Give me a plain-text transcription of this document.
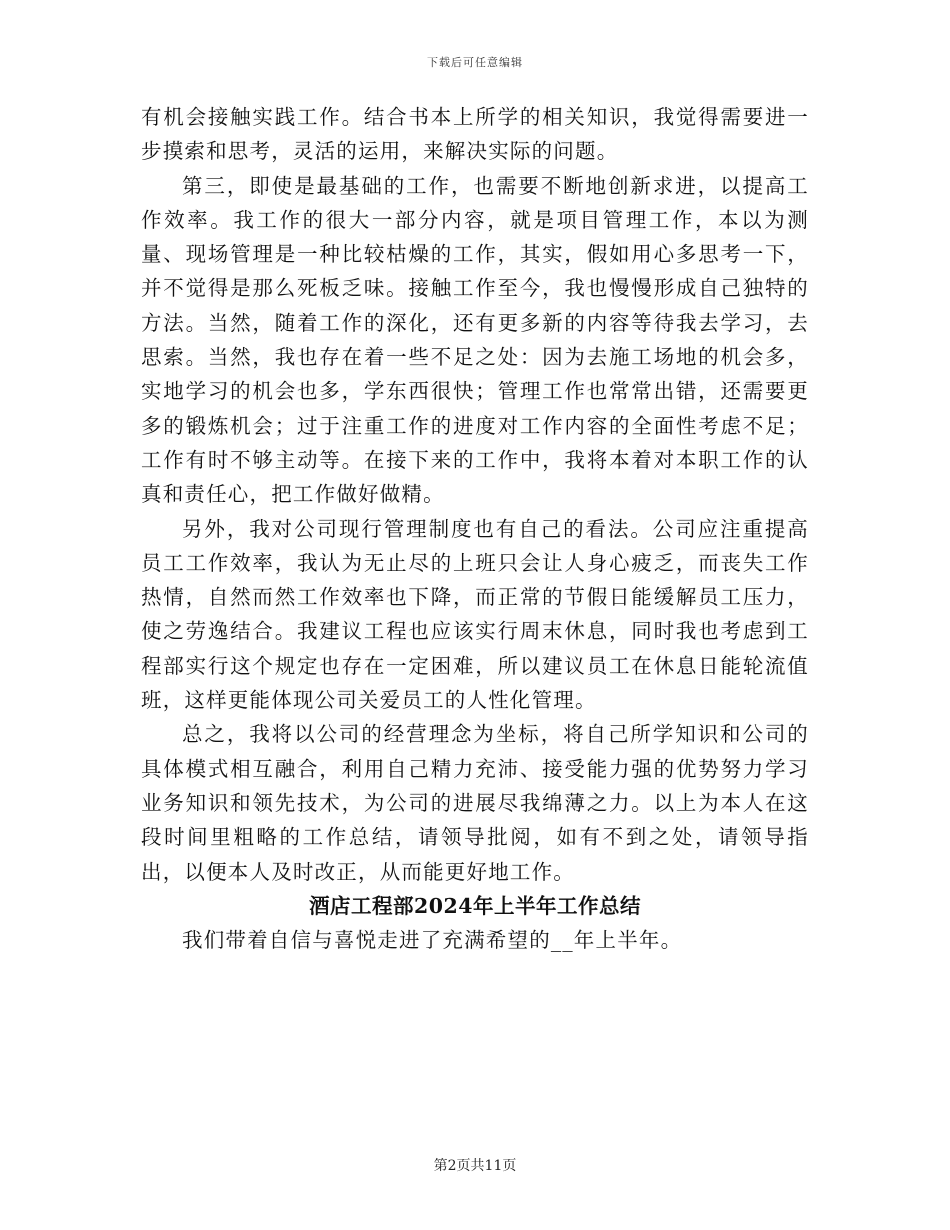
下载后可任意编辑

有机会接触实践工作。结合书本上所学的相关知识，我觉得需要进一步摸索和思考，灵活的运用，来解决实际的问题。

第三，即使是最基础的工作，也需要不断地创新求进，以提高工作效率。我工作的很大一部分内容，就是项目管理工作，本以为测量、现场管理是一种比较枯燥的工作，其实，假如用心多思考一下，并不觉得是那么死板乏味。接触工作至今，我也慢慢形成自己独特的方法。当然，随着工作的深化，还有更多新的内容等待我去学习，去思索。当然，我也存在着一些不足之处：因为去施工场地的机会多，实地学习的机会也多，学东西很快；管理工作也常常出错，还需要更多的锻炼机会；过于注重工作的进度对工作内容的全面性考虑不足；工作有时不够主动等。在接下来的工作中，我将本着对本职工作的认真和责任心，把工作做好做精。

另外，我对公司现行管理制度也有自己的看法。公司应注重提高员工工作效率，我认为无止尽的上班只会让人身心疲乏，而丧失工作热情，自然而然工作效率也下降，而正常的节假日能缓解员工压力，使之劳逸结合。我建议工程也应该实行周末休息，同时我也考虑到工程部实行这个规定也存在一定困难，所以建议员工在休息日能轮流值班，这样更能体现公司关爱员工的人性化管理。

总之，我将以公司的经营理念为坐标，将自己所学知识和公司的具体模式相互融合，利用自己精力充沛、接受能力强的优势努力学习业务知识和领先技术，为公司的进展尽我绵薄之力。以上为本人在这段时间里粗略的工作总结，请领导批阅，如有不到之处，请领导指出，以便本人及时改正，从而能更好地工作。

酒店工程部2024年上半年工作总结

我们带着自信与喜悦走进了充满希望的__年上半年。

第2页共11页
